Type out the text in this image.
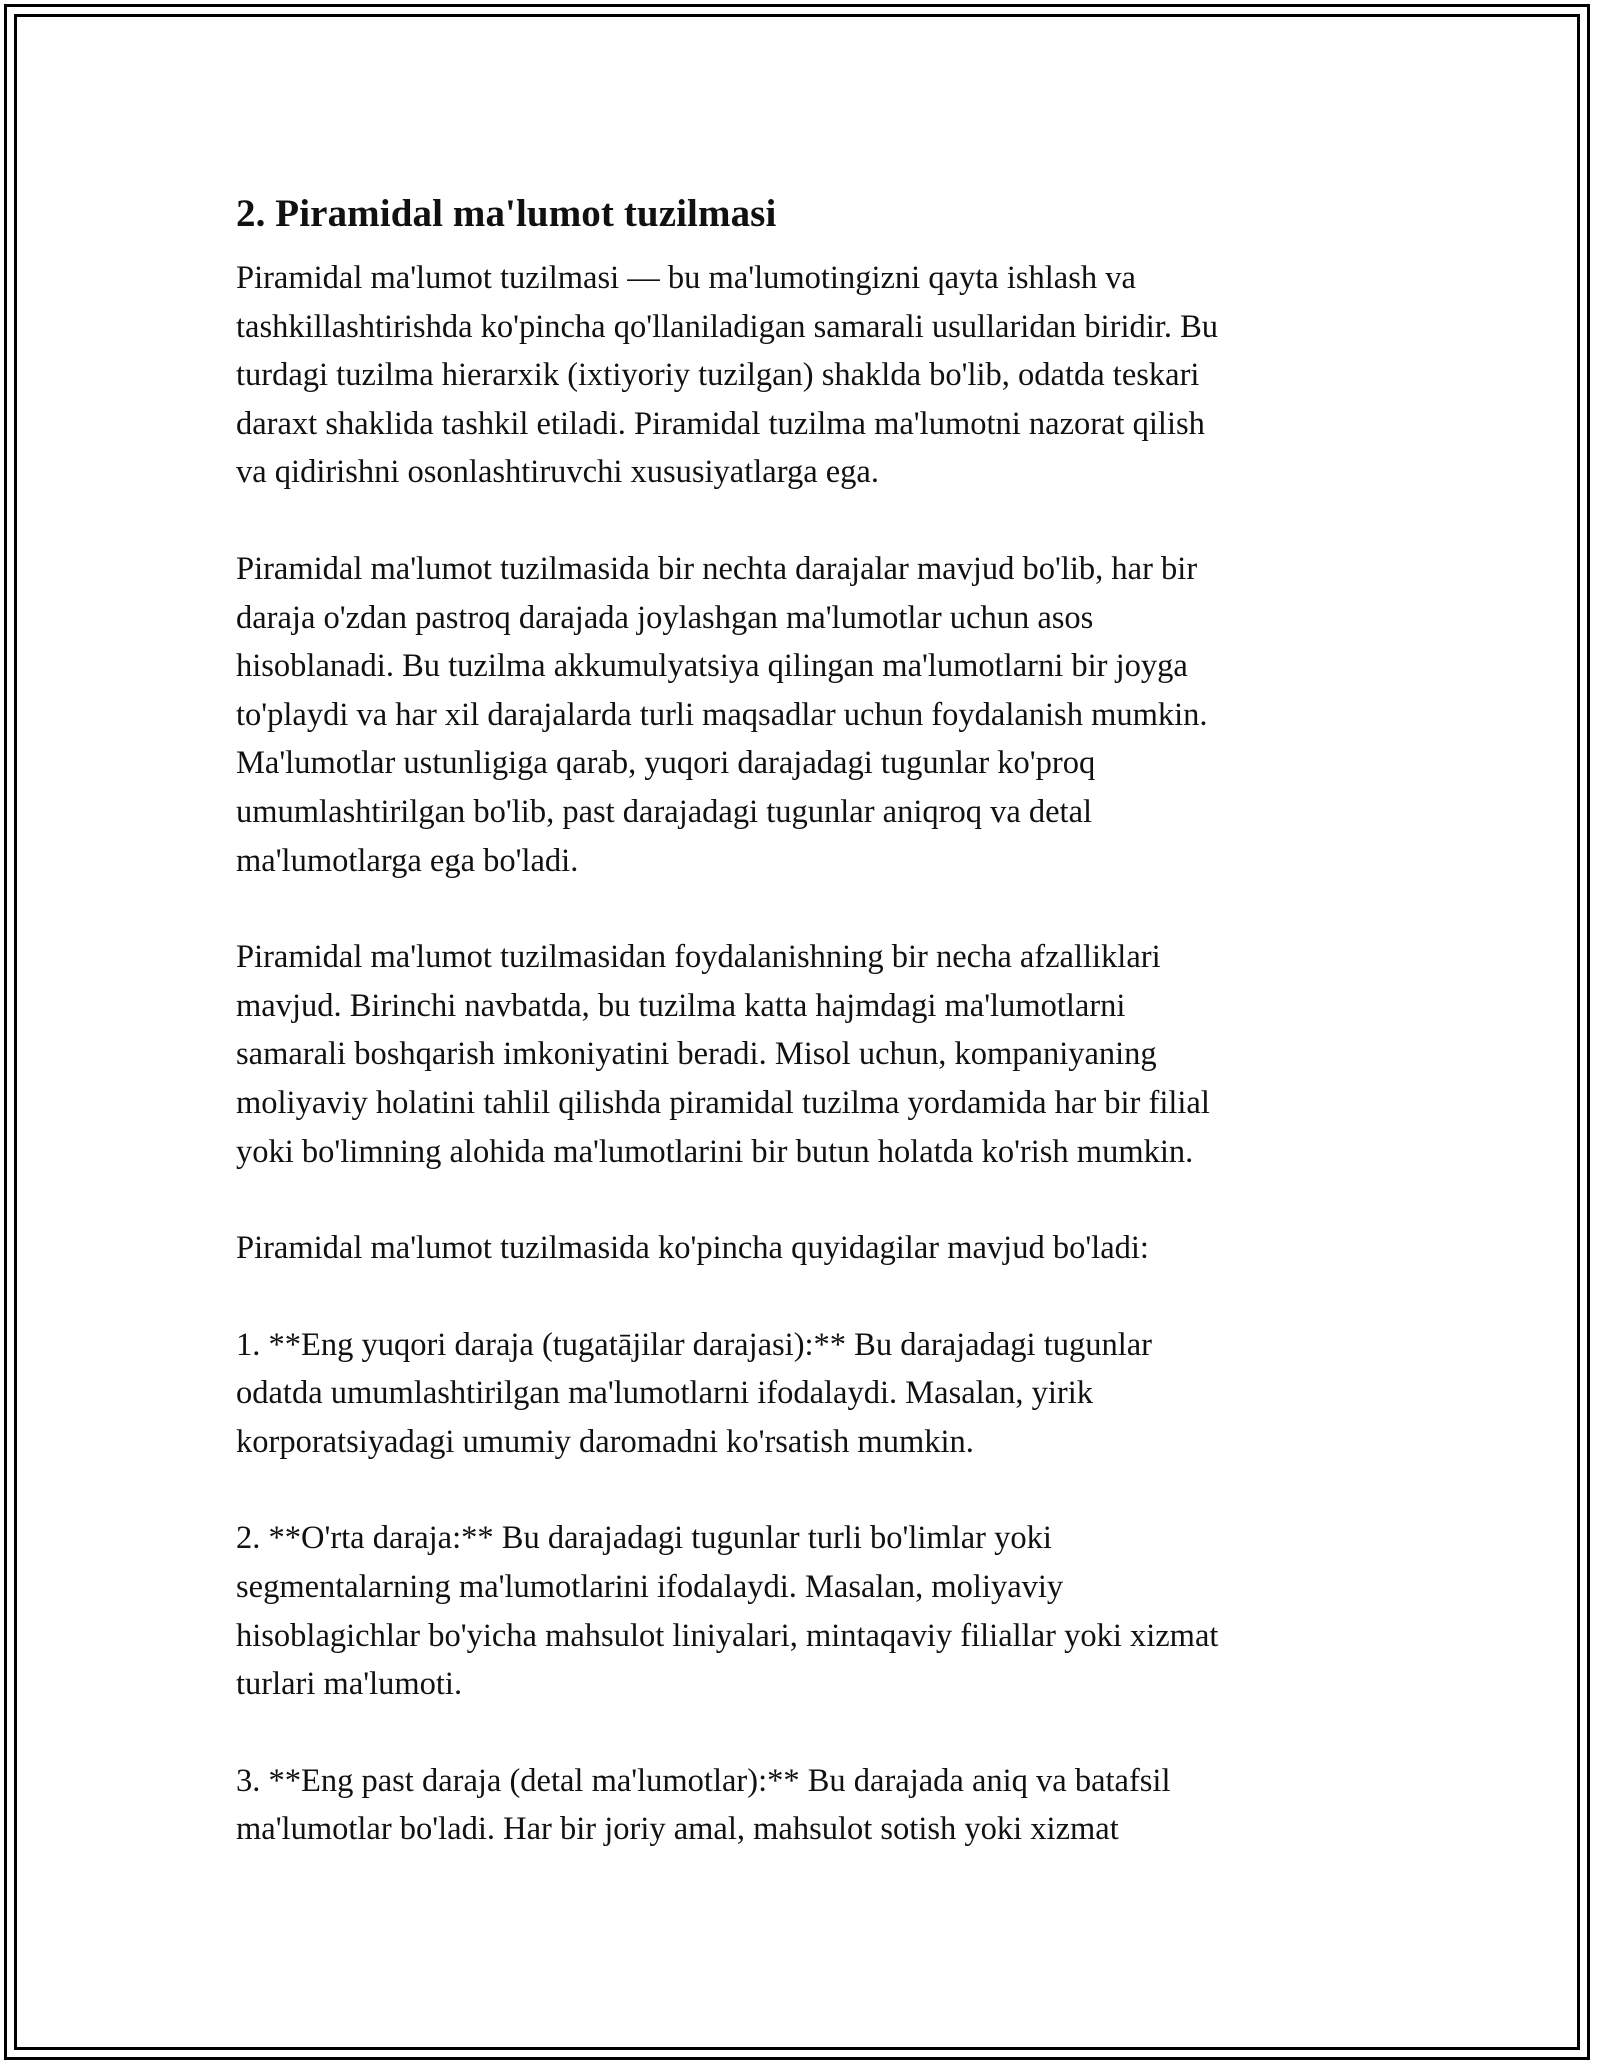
2. Piramidal ma'lumot tuzilmasi

Piramidal ma'lumot tuzilmasi — bu ma'lumotingizni qayta ishlash va
tashkillashtirishda ko'pincha qo'llaniladigan samarali usullaridan biridir. Bu
turdagi tuzilma hierarxik (ixtiyoriy tuzilgan) shaklda bo'lib, odatda teskari
daraxt shaklida tashkil etiladi. Piramidal tuzilma ma'lumotni nazorat qilish
va qidirishni osonlashtiruvchi xususiyatlarga ega.

Piramidal ma'lumot tuzilmasida bir nechta darajalar mavjud bo'lib, har bir
daraja o'zdan pastroq darajada joylashgan ma'lumotlar uchun asos
hisoblanadi. Bu tuzilma akkumulyatsiya qilingan ma'lumotlarni bir joyga
to'playdi va har xil darajalarda turli maqsadlar uchun foydalanish mumkin.
Ma'lumotlar ustunligiga qarab, yuqori darajadagi tugunlar ko'proq
umumlashtirilgan bo'lib, past darajadagi tugunlar aniqroq va detal
ma'lumotlarga ega bo'ladi.

Piramidal ma'lumot tuzilmasidan foydalanishning bir necha afzalliklari
mavjud. Birinchi navbatda, bu tuzilma katta hajmdagi ma'lumotlarni
samarali boshqarish imkoniyatini beradi. Misol uchun, kompaniyaning
moliyaviy holatini tahlil qilishda piramidal tuzilma yordamida har bir filial
yoki bo'limning alohida ma'lumotlarini bir butun holatda ko'rish mumkin.

Piramidal ma'lumot tuzilmasida ko'pincha quyidagilar mavjud bo'ladi:

1. **Eng yuqori daraja (tugatājilar darajasi):** Bu darajadagi tugunlar
odatda umumlashtirilgan ma'lumotlarni ifodalaydi. Masalan, yirik
korporatsiyadagi umumiy daromadni ko'rsatish mumkin.

2. **O'rta daraja:** Bu darajadagi tugunlar turli bo'limlar yoki
segmentalarning ma'lumotlarini ifodalaydi. Masalan, moliyaviy
hisoblagichlar bo'yicha mahsulot liniyalari, mintaqaviy filiallar yoki xizmat
turlari ma'lumoti.

3. **Eng past daraja (detal ma'lumotlar):** Bu darajada aniq va batafsil
ma'lumotlar bo'ladi. Har bir joriy amal, mahsulot sotish yoki xizmat
